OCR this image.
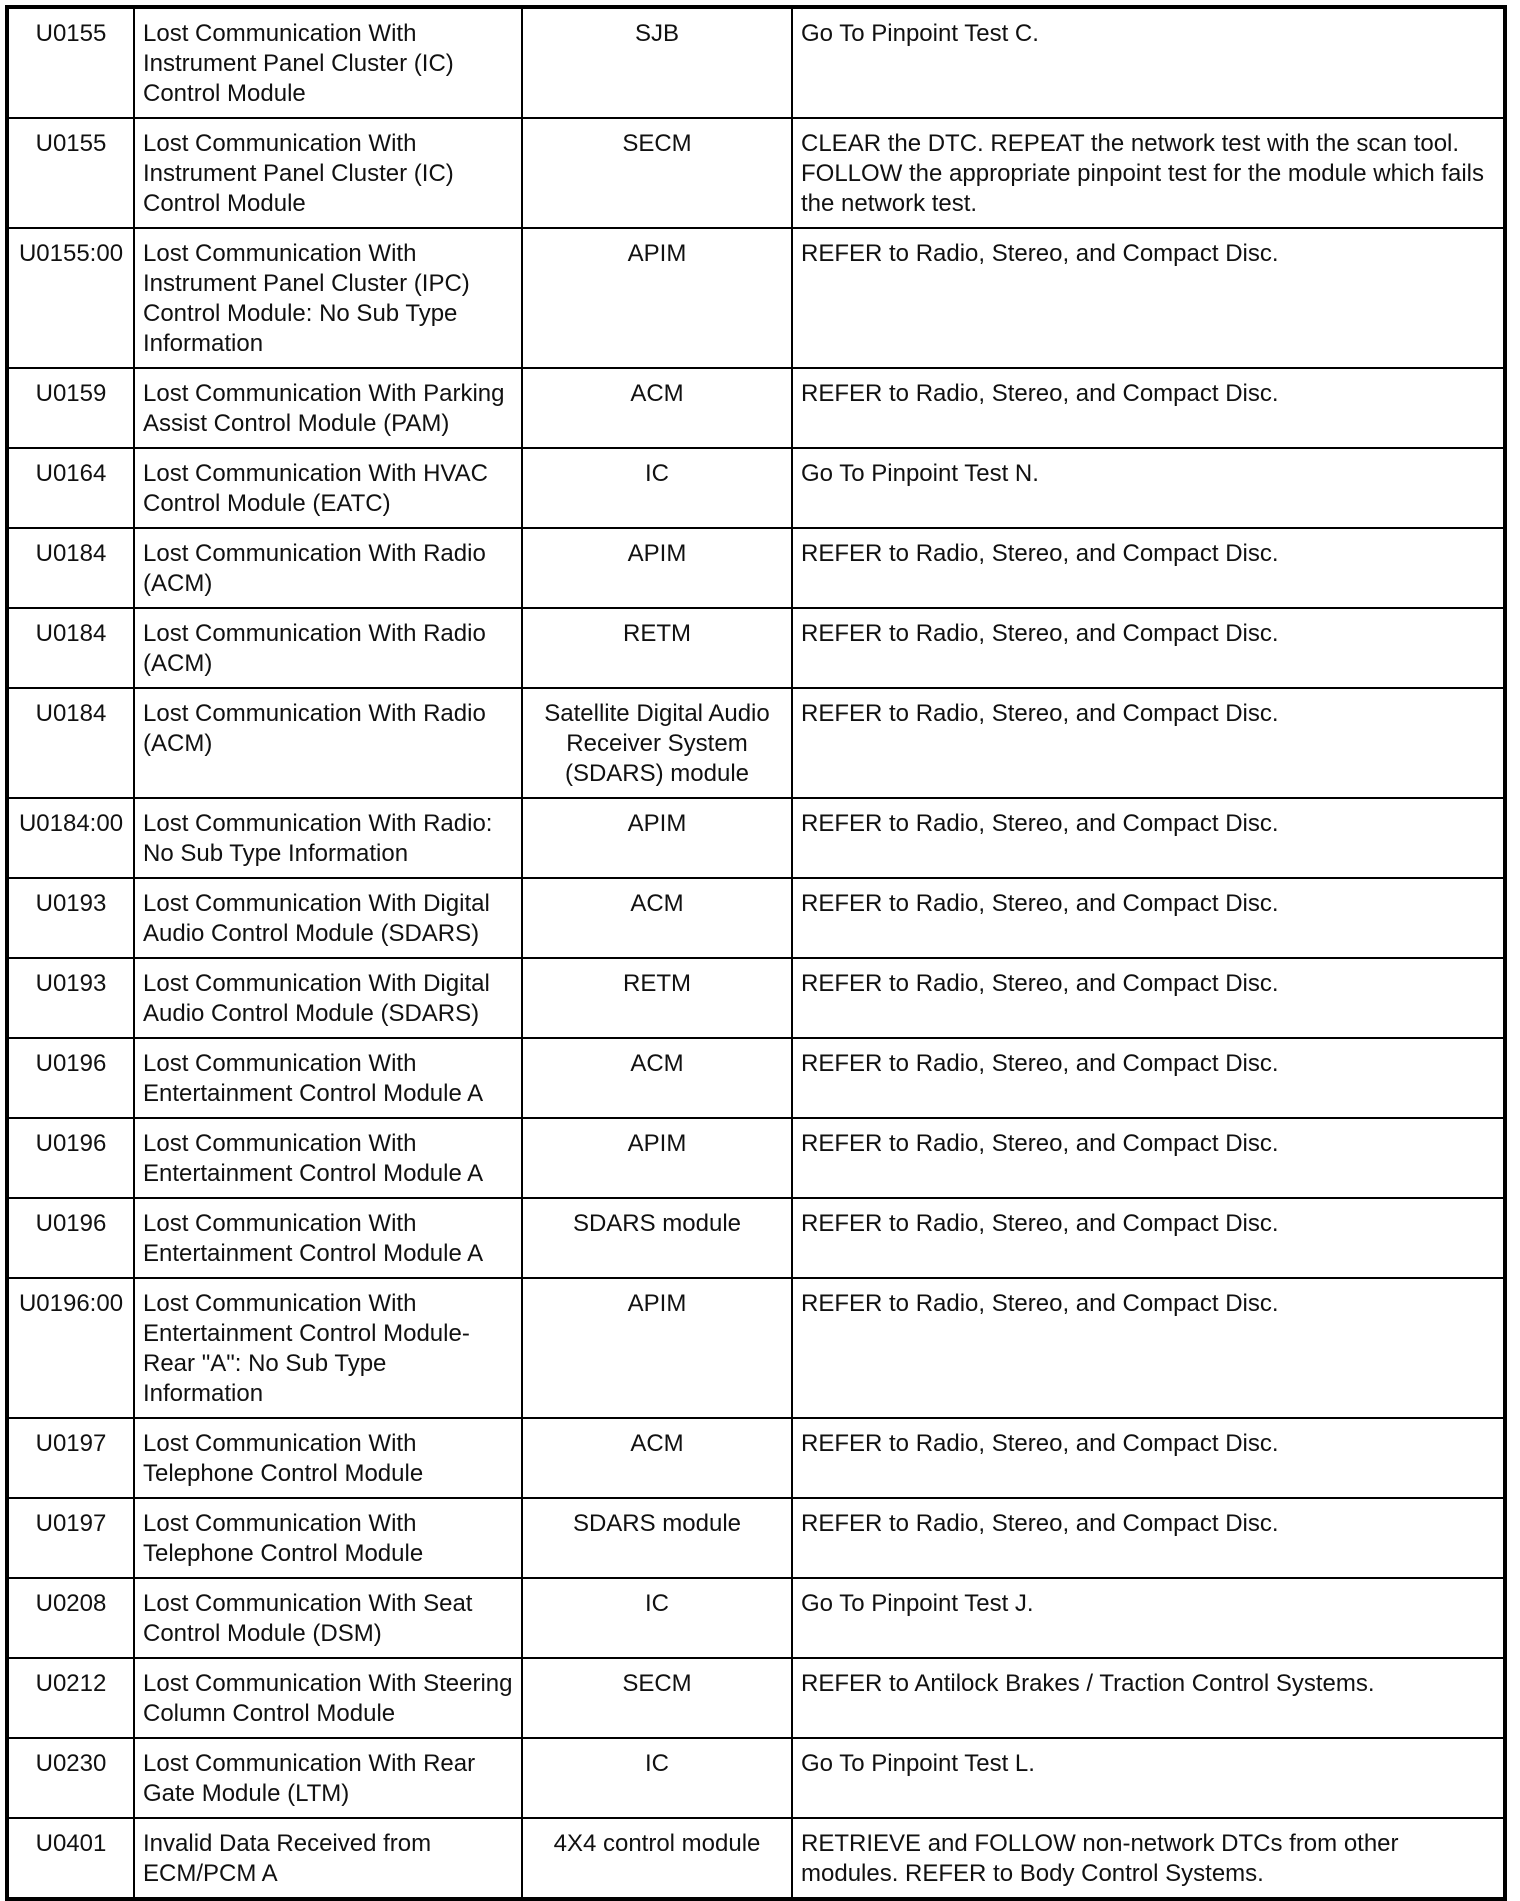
U0155	Lost Communication With Instrument Panel Cluster (IC) Control Module	SJB	Go To Pinpoint Test C.
U0155	Lost Communication With Instrument Panel Cluster (IC) Control Module	SECM	CLEAR the DTC. REPEAT the network test with the scan tool. FOLLOW the appropriate pinpoint test for the module which fails the network test.
U0155:00	Lost Communication With Instrument Panel Cluster (IPC) Control Module: No Sub Type Information	APIM	REFER to Radio, Stereo, and Compact Disc.
U0159	Lost Communication With Parking Assist Control Module (PAM)	ACM	REFER to Radio, Stereo, and Compact Disc.
U0164	Lost Communication With HVAC Control Module (EATC)	IC	Go To Pinpoint Test N.
U0184	Lost Communication With Radio (ACM)	APIM	REFER to Radio, Stereo, and Compact Disc.
U0184	Lost Communication With Radio (ACM)	RETM	REFER to Radio, Stereo, and Compact Disc.
U0184	Lost Communication With Radio (ACM)	Satellite Digital Audio Receiver System (SDARS) module	REFER to Radio, Stereo, and Compact Disc.
U0184:00	Lost Communication With Radio: No Sub Type Information	APIM	REFER to Radio, Stereo, and Compact Disc.
U0193	Lost Communication With Digital Audio Control Module (SDARS)	ACM	REFER to Radio, Stereo, and Compact Disc.
U0193	Lost Communication With Digital Audio Control Module (SDARS)	RETM	REFER to Radio, Stereo, and Compact Disc.
U0196	Lost Communication With Entertainment Control Module A	ACM	REFER to Radio, Stereo, and Compact Disc.
U0196	Lost Communication With Entertainment Control Module A	APIM	REFER to Radio, Stereo, and Compact Disc.
U0196	Lost Communication With Entertainment Control Module A	SDARS module	REFER to Radio, Stereo, and Compact Disc.
U0196:00	Lost Communication With Entertainment Control Module-Rear "A": No Sub Type Information	APIM	REFER to Radio, Stereo, and Compact Disc.
U0197	Lost Communication With Telephone Control Module	ACM	REFER to Radio, Stereo, and Compact Disc.
U0197	Lost Communication With Telephone Control Module	SDARS module	REFER to Radio, Stereo, and Compact Disc.
U0208	Lost Communication With Seat Control Module (DSM)	IC	Go To Pinpoint Test J.
U0212	Lost Communication With Steering Column Control Module	SECM	REFER to Antilock Brakes / Traction Control Systems.
U0230	Lost Communication With Rear Gate Module (LTM)	IC	Go To Pinpoint Test L.
U0401	Invalid Data Received from ECM/PCM A	4X4 control module	RETRIEVE and FOLLOW non-network DTCs from other modules. REFER to Body Control Systems.
